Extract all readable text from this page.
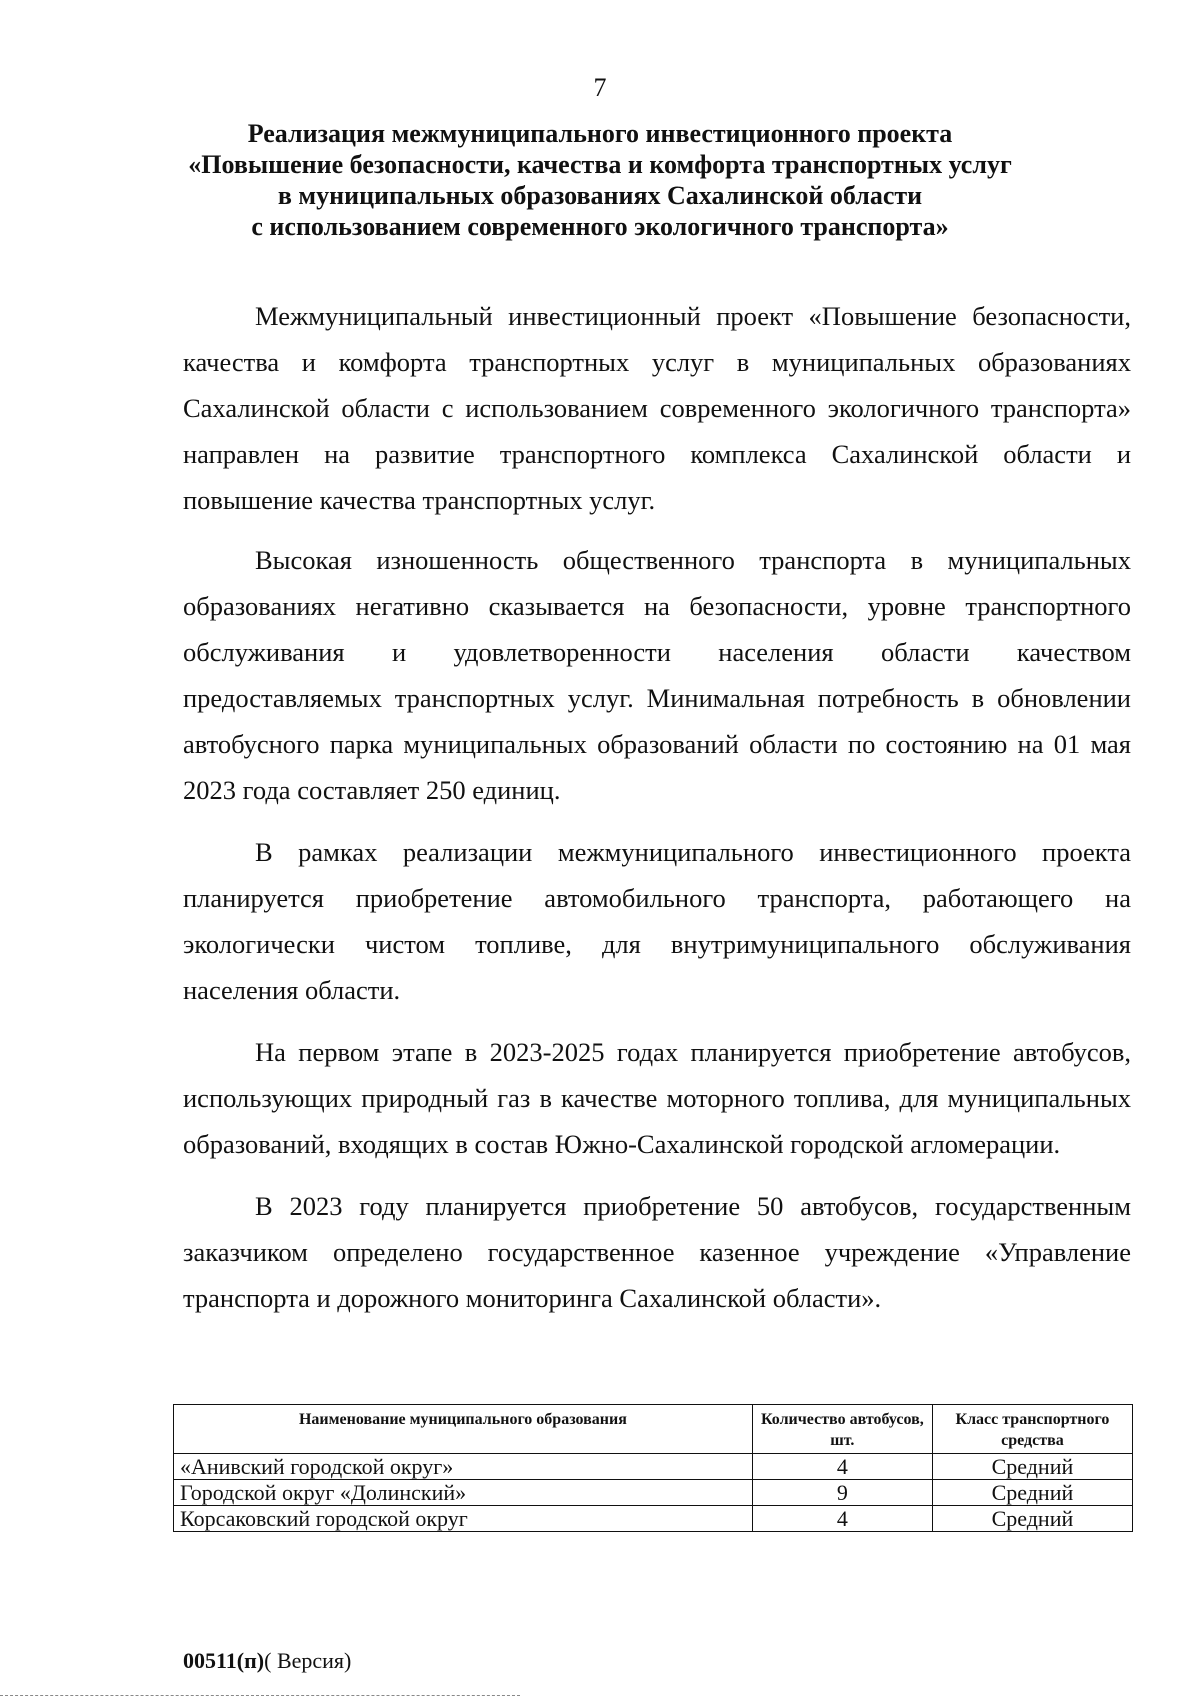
7
Реализация межмуниципального инвестиционного проекта
«Повышение безопасности, качества и комфорта транспортных услуг
в муниципальных образованиях Сахалинской области
с использованием современного экологичного транспорта»

Межмуниципальный инвестиционный проект «Повышение безопасности, качества и комфорта транспортных услуг в муниципальных образованиях Сахалинской области с использованием современного экологичного транспорта» направлен на развитие транспортного комплекса Сахалинской области и повышение качества транспортных услуг.

Высокая изношенность общественного транспорта в муниципальных образованиях негативно сказывается на безопасности, уровне транспортного обслуживания и удовлетворенности населения области качеством предоставляемых транспортных услуг. Минимальная потребность в обновлении автобусного парка муниципальных образований области по состоянию на 01 мая 2023 года составляет 250 единиц.

В рамках реализации межмуниципального инвестиционного проекта планируется приобретение автомобильного транспорта, работающего на экологически чистом топливе, для внутримуниципального обслуживания населения области.

На первом этапе в 2023-2025 годах планируется приобретение автобусов, использующих природный газ в качестве моторного топлива, для муниципальных образований, входящих в состав Южно-Сахалинской городской агломерации.

В 2023 году планируется приобретение 50 автобусов, государственным заказчиком определено государственное казенное учреждение «Управление транспорта и дорожного мониторинга Сахалинской области».

Наименование муниципального образования	Количество автобусов, шт.	Класс транспортного средства
«Анивский городской округ»	4	Средний
Городской округ «Долинский»	9	Средний
Корсаковский городской округ	4	Средний
00511(п)( Версия)
